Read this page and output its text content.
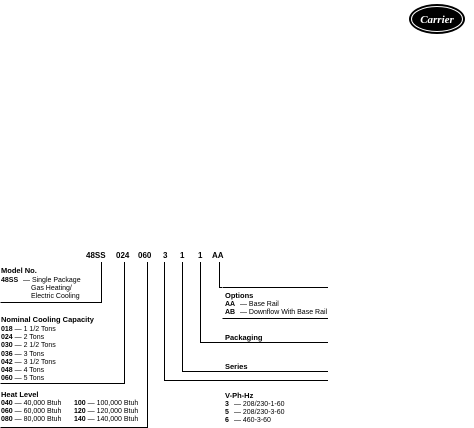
Carrier
48SS 024 060 3 1 1 AA
Model No.
48SS — Single Package
Gas Heating/
Electric Cooling
Nominal Cooling Capacity
018 — 1 1/2 Tons
024 — 2 Tons
030 — 2 1/2 Tons
036 — 3 Tons
042 — 3 1/2 Tons
048 — 4 Tons
060 — 5 Tons
Heat Level
040 — 40,000 Btuh
060 — 60,000 Btuh
080 — 80,000 Btuh
100 — 100,000 Btuh
120 — 120,000 Btuh
140 — 140,000 Btuh
Options
AA — Base Rail
AB — Downflow With Base Rail
Packaging
Series
V-Ph-Hz
3 — 208/230-1-60
5 — 208/230-3-60
6 — 460-3-60
